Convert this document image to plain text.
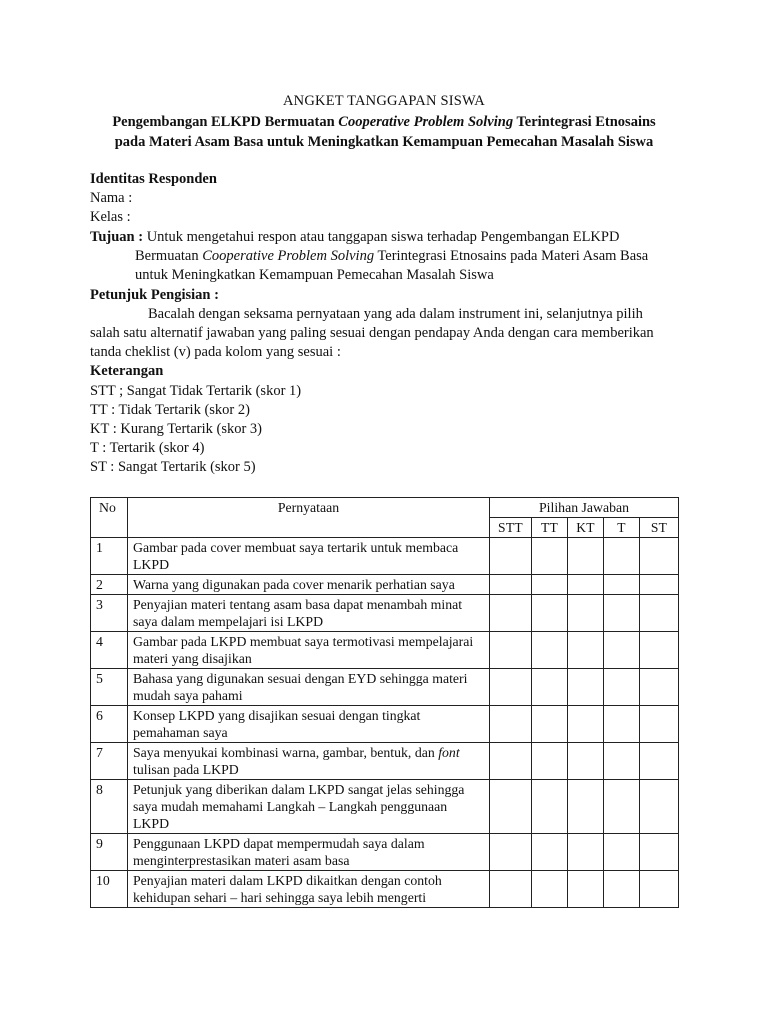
ANGKET TANGGAPAN SISWA
Pengembangan ELKPD Bermuatan Cooperative Problem Solving Terintegrasi Etnosains
pada Materi Asam Basa untuk Meningkatkan Kemampuan Pemecahan Masalah Siswa
Identitas Responden
Nama :
Kelas :
Tujuan : Untuk mengetahui respon atau tanggapan siswa terhadap Pengembangan ELKPD
Bermuatan Cooperative Problem Solving Terintegrasi Etnosains pada Materi Asam Basa
untuk Meningkatkan Kemampuan Pemecahan Masalah Siswa
Petunjuk Pengisian :
Bacalah dengan seksama pernyataan yang ada dalam instrument ini, selanjutnya pilih
salah satu alternatif jawaban yang paling sesuai dengan pendapay Anda dengan cara memberikan
tanda cheklist (v) pada kolom yang sesuai :
Keterangan
STT ; Sangat Tidak Tertarik (skor 1)
TT : Tidak Tertarik (skor 2)
KT : Kurang Tertarik (skor 3)
T : Tertarik (skor 4)
ST : Sangat Tertarik (skor 5)
No	Pernyataan	Pilihan Jawaban				
		STT	TT	KT	T	ST
1	Gambar pada cover membuat saya tertarik untuk membaca LKPD					
2	Warna yang digunakan pada cover menarik perhatian saya					
3	Penyajian materi tentang asam basa dapat menambah minat saya dalam mempelajari isi LKPD					
4	Gambar pada LKPD membuat saya termotivasi mempelajarai materi yang disajikan					
5	Bahasa yang digunakan sesuai dengan EYD sehingga materi mudah saya pahami					
6	Konsep LKPD yang disajikan sesuai dengan tingkat pemahaman saya					
7	Saya menyukai kombinasi warna, gambar, bentuk, dan font tulisan pada LKPD					
8	Petunjuk yang diberikan dalam LKPD sangat jelas sehingga saya mudah memahami Langkah – Langkah penggunaan LKPD					
9	Penggunaan LKPD dapat mempermudah saya dalam menginterprestasikan materi asam basa					
10	Penyajian materi dalam LKPD dikaitkan dengan contoh kehidupan sehari – hari sehingga saya lebih mengerti					
